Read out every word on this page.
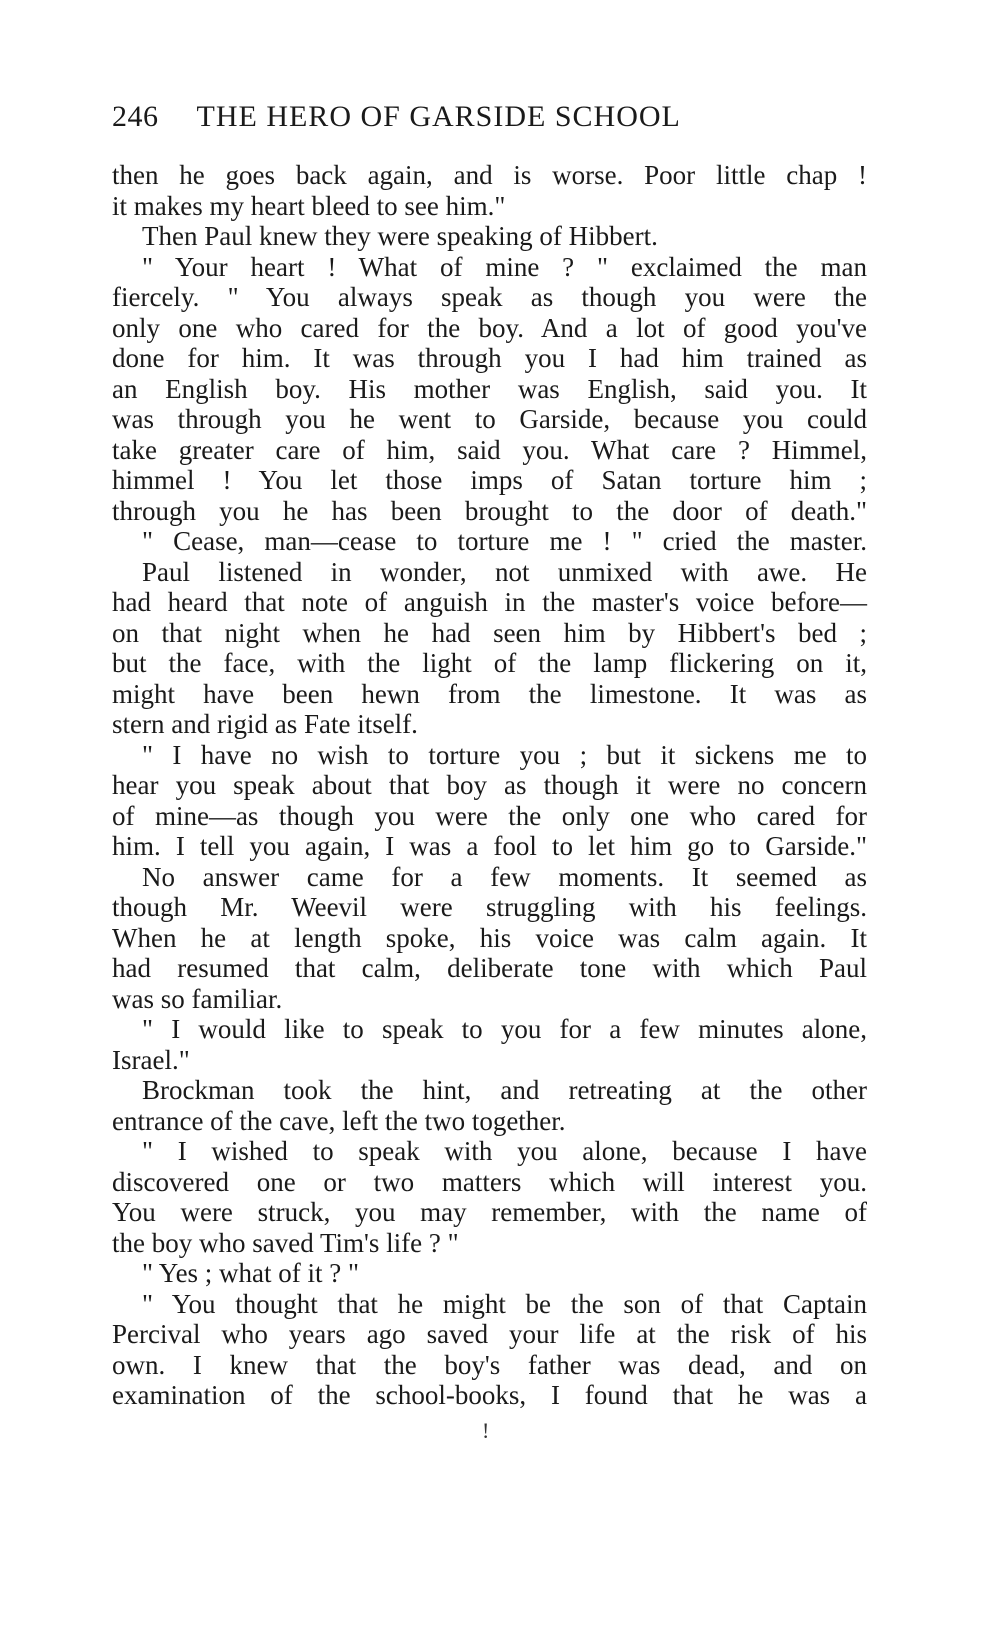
246 THE HERO OF GARSIDE SCHOOL
then he goes back again, and is worse. Poor little chap !
it makes my heart bleed to see him."
Then Paul knew they were speaking of Hibbert.
" Your heart ! What of mine ? " exclaimed the man
fiercely. " You always speak as though you were the
only one who cared for the boy. And a lot of good you've
done for him. It was through you I had him trained as
an English boy. His mother was English, said you. It
was through you he went to Garside, because you could
take greater care of him, said you. What care ? Himmel,
himmel ! You let those imps of Satan torture him ;
through you he has been brought to the door of death."
" Cease, man—cease to torture me ! " cried the master.
Paul listened in wonder, not unmixed with awe. He
had heard that note of anguish in the master's voice before—
on that night when he had seen him by Hibbert's bed ;
but the face, with the light of the lamp flickering on it,
might have been hewn from the limestone. It was as
stern and rigid as Fate itself.
" I have no wish to torture you ; but it sickens me to
hear you speak about that boy as though it were no concern
of mine—as though you were the only one who cared for
him. I tell you again, I was a fool to let him go to Garside."
No answer came for a few moments. It seemed as
though Mr. Weevil were struggling with his feelings.
When he at length spoke, his voice was calm again. It
had resumed that calm, deliberate tone with which Paul
was so familiar.
" I would like to speak to you for a few minutes alone,
Israel."
Brockman took the hint, and retreating at the other
entrance of the cave, left the two together.
" I wished to speak with you alone, because I have
discovered one or two matters which will interest you.
You were struck, you may remember, with the name of
the boy who saved Tim's life ? "
" Yes ; what of it ? "
" You thought that he might be the son of that Captain
Percival who years ago saved your life at the risk of his
own. I knew that the boy's father was dead, and on
examination of the school-books, I found that he was a
!
